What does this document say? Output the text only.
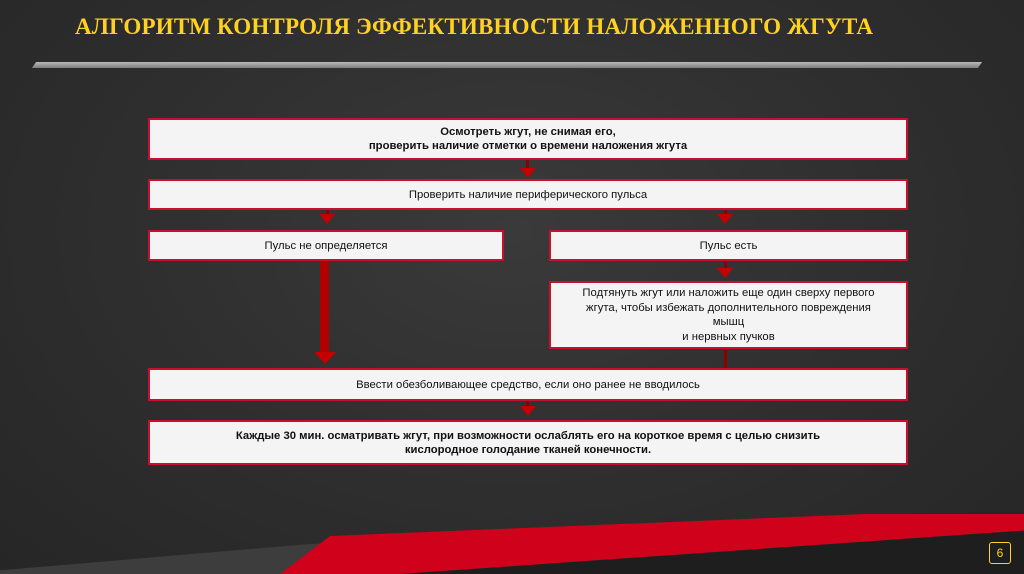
АЛГОРИТМ КОНТРОЛЯ ЭФФЕКТИВНОСТИ НАЛОЖЕННОГО ЖГУТА
Осмотреть жгут, не снимая его,
проверить наличие отметки о времени наложения жгута
Проверить наличие периферического пульса
Пульс не определяется	Пульс есть
Подтянуть жгут или наложить еще один сверху первого
жгута, чтобы избежать дополнительного повреждения
мышц
и нервных пучков
Ввести обезболивающее средство, если оно ранее не вводилось
Каждые 30 мин. осматривать жгут, при возможности ослаблять его на короткое время с целью снизить
кислородное голодание тканей конечности.
6
